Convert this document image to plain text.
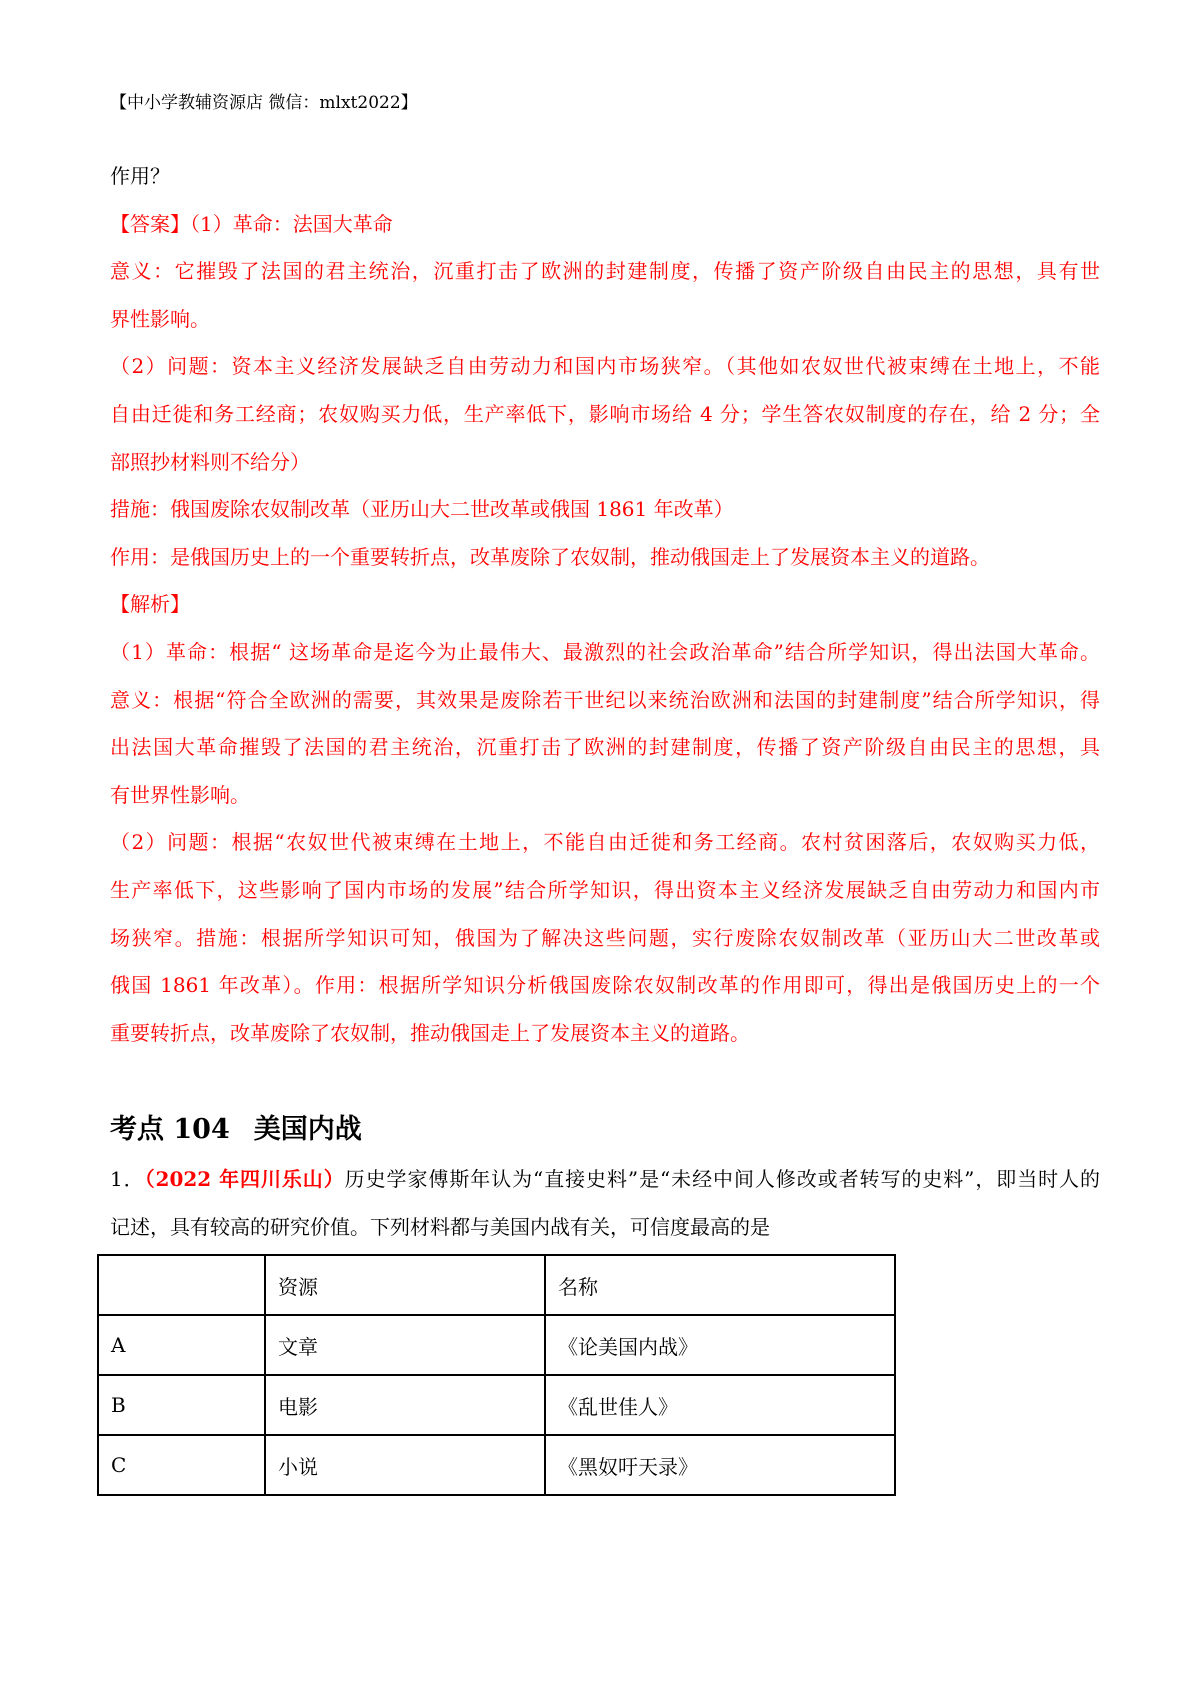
【中小学教辅资源店 微信：mlxt2022】
作用？
【答案】（1）革命：法国大革命
意义：它摧毁了法国的君主统治，沉重打击了欧洲的封建制度，传播了资产阶级自由民主的思想，具有世
界性影响。
（2）问题：资本主义经济发展缺乏自由劳动力和国内市场狭窄。（其他如农奴世代被束缚在土地上，不能
自由迁徙和务工经商；农奴购买力低，生产率低下，影响市场给 4 分；学生答农奴制度的存在，给 2 分；全
部照抄材料则不给分）
措施：俄国废除农奴制改革（亚历山大二世改革或俄国 1861 年改革）
作用：是俄国历史上的一个重要转折点，改革废除了农奴制，推动俄国走上了发展资本主义的道路。
【解析】
（1）革命：根据“ 这场革命是迄今为止最伟大、最激烈的社会政治革命”结合所学知识，得出法国大革命。
意义：根据“符合全欧洲的需要，其效果是废除若干世纪以来统治欧洲和法国的封建制度”结合所学知识，得
出法国大革命摧毁了法国的君主统治，沉重打击了欧洲的封建制度，传播了资产阶级自由民主的思想，具
有世界性影响。
（2）问题：根据“农奴世代被束缚在土地上，不能自由迁徙和务工经商。农村贫困落后，农奴购买力低，
生产率低下，这些影响了国内市场的发展”结合所学知识，得出资本主义经济发展缺乏自由劳动力和国内市
场狭窄。措施：根据所学知识可知，俄国为了解决这些问题，实行废除农奴制改革（亚历山大二世改革或
俄国 1861 年改革）。作用：根据所学知识分析俄国废除农奴制改革的作用即可，得出是俄国历史上的一个
重要转折点，改革废除了农奴制，推动俄国走上了发展资本主义的道路。
考点 104 美国内战
1．（2022 年四川乐山）历史学家傅斯年认为“直接史料”是“未经中间人修改或者转写的史料”，即当时人的
记述，具有较高的研究价值。下列材料都与美国内战有关，可信度最高的是
	资源	名称
A	文章	《论美国内战》
B	电影	《乱世佳人》
C	小说	《黑奴吁天录》
